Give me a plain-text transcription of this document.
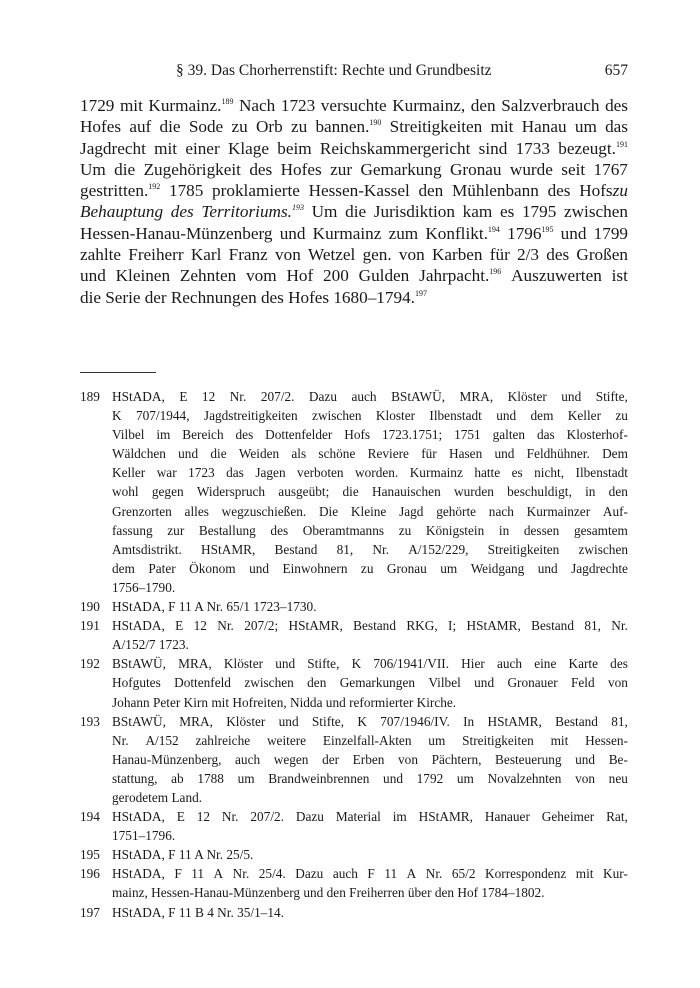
§ 39. Das Chorherrenstift: Rechte und Grundbesitz	657
1729 mit Kurmainz.$^{189}$ Nach 1723 versuchte Kurmainz, den Salzverbrauch des
Hofes auf die Sode zu Orb zu bannen.$^{190}$ Streitigkeiten mit Hanau um das
Jagdrecht mit einer Klage beim Reichskammergericht sind 1733 bezeugt.$^{191}$
Um die Zugehörigkeit des Hofes zur Gemarkung Gronau wurde seit 1767
gestritten.$^{192}$ 1785 proklamierte Hessen-Kassel den Mühlenbann des Hofszu
Behauptung des Territoriums.$^{193}$ Um die Jurisdiktion kam es 1795 zwischen
Hessen-Hanau-Münzenberg und Kurmainz zum Konflikt.$^{194}$ 1796$^{195}$ und 1799
zahlte Freiherr Karl Franz von Wetzel gen. von Karben für 2/3 des Großen
und Kleinen Zehnten vom Hof 200 Gulden Jahrpacht.$^{196}$ Auszuwerten ist
die Serie der Rechnungen des Hofes 1680–1794.$^{197}$
189 HStADA, E 12 Nr. 207/2. Dazu auch BStAWÜ, MRA, Klöster und Stifte,
K 707/1944, Jagdstreitigkeiten zwischen Kloster Ilbenstadt und dem Keller zu
Vilbel im Bereich des Dottenfelder Hofs 1723.1751; 1751 galten das Klosterhof-
Wäldchen und die Weiden als schöne Reviere für Hasen und Feldhühner. Dem
Keller war 1723 das Jagen verboten worden. Kurmainz hatte es nicht, Ilbenstadt
wohl gegen Widerspruch ausgeübt; die Hanauischen wurden beschuldigt, in den
Grenzorten alles wegzuschießen. Die Kleine Jagd gehörte nach Kurmainzer Auf-
fassung zur Bestallung des Oberamtmanns zu Königstein in dessen gesamtem
Amtsdistrikt. HStAMR, Bestand 81, Nr. A/152/229, Streitigkeiten zwischen
dem Pater Ökonom und Einwohnern zu Gronau um Weidgang und Jagdrechte
1756–1790.
190 HStADA, F 11 A Nr. 65/1 1723–1730.
191 HStADA, E 12 Nr. 207/2; HStAMR, Bestand RKG, I; HStAMR, Bestand 81, Nr.
A/152/7 1723.
192 BStAWÜ, MRA, Klöster und Stifte, K 706/1941/VII. Hier auch eine Karte des
Hofgutes Dottenfeld zwischen den Gemarkungen Vilbel und Gronauer Feld von
Johann Peter Kirn mit Hofreiten, Nidda und reformierter Kirche.
193 BStAWÜ, MRA, Klöster und Stifte, K 707/1946/IV. In HStAMR, Bestand 81,
Nr. A/152 zahlreiche weitere Einzelfall-Akten um Streitigkeiten mit Hessen-
Hanau-Münzenberg, auch wegen der Erben von Pächtern, Besteuerung und Be-
stattung, ab 1788 um Brandweinbrennen und 1792 um Novalzehnten von neu
gerodetem Land.
194 HStADA, E 12 Nr. 207/2. Dazu Material im HStAMR, Hanauer Geheimer Rat,
1751–1796.
195 HStADA, F 11 A Nr. 25/5.
196 HStADA, F 11 A Nr. 25/4. Dazu auch F 11 A Nr. 65/2 Korrespondenz mit Kur-
mainz, Hessen-Hanau-Münzenberg und den Freiherren über den Hof 1784–1802.
197 HStADA, F 11 B 4 Nr. 35/1–14.
